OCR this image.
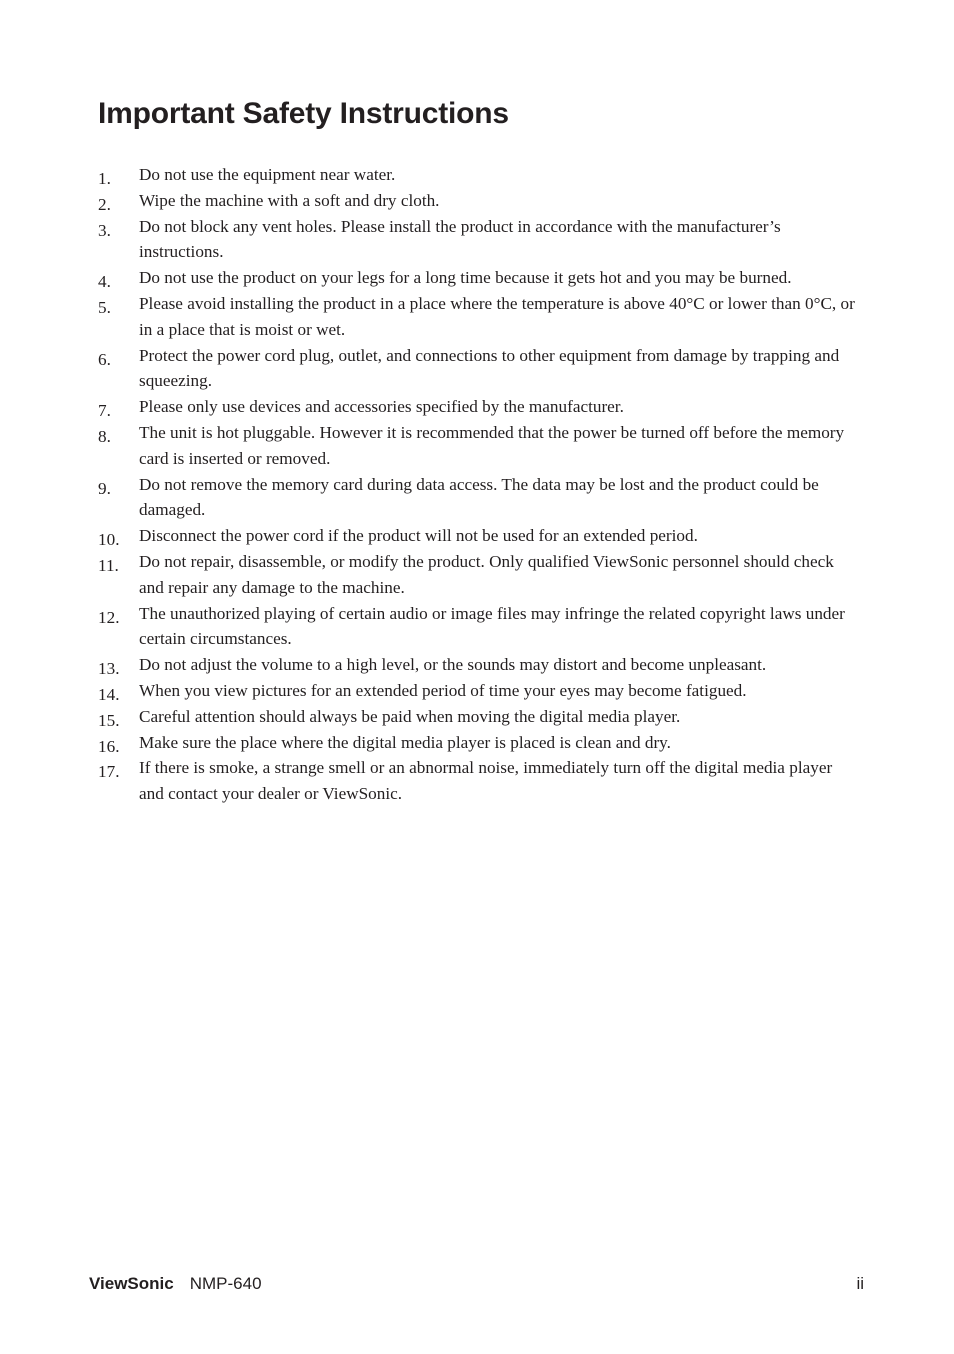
Important Safety Instructions
1.	Do not use the equipment near water.
2.	Wipe the machine with a soft and dry cloth.
3.	Do not block any vent holes. Please install the product in accordance with the manufacturer’s instructions.
4.	Do not use the product on your legs for a long time because it gets hot and you may be burned.
5.	Please avoid installing the product in a place where the temperature is above 40°C or lower than 0°C, or in a place that is moist or wet.
6.	Protect the power cord plug, outlet, and connections to other equipment from damage by trapping and squeezing.
7.	Please only use devices and accessories specified by the manufacturer.
8.	The unit is hot pluggable. However it is recommended that the power be turned off before the memory card is inserted or removed.
9.	Do not remove the memory card during data access. The data may be lost and the product could be damaged.
10.	Disconnect the power cord if the product will not be used for an extended period.
11.	Do not repair, disassemble, or modify the product. Only qualified ViewSonic personnel should check and repair any damage to the machine.
12.	The unauthorized playing of certain audio or image files may infringe the related copyright laws under certain circumstances.
13.	Do not adjust the volume to a high level, or the sounds may distort and become unpleasant.
14.	When you view pictures for an extended period of time your eyes may become fatigued.
15.	Careful attention should always be paid when moving the digital media player.
16.	Make sure the place where the digital media player is placed is clean and dry.
17.	If there is smoke, a strange smell or an abnormal noise, immediately turn off the digital media player and contact your dealer or ViewSonic.
ViewSonic NMP-640	ii
